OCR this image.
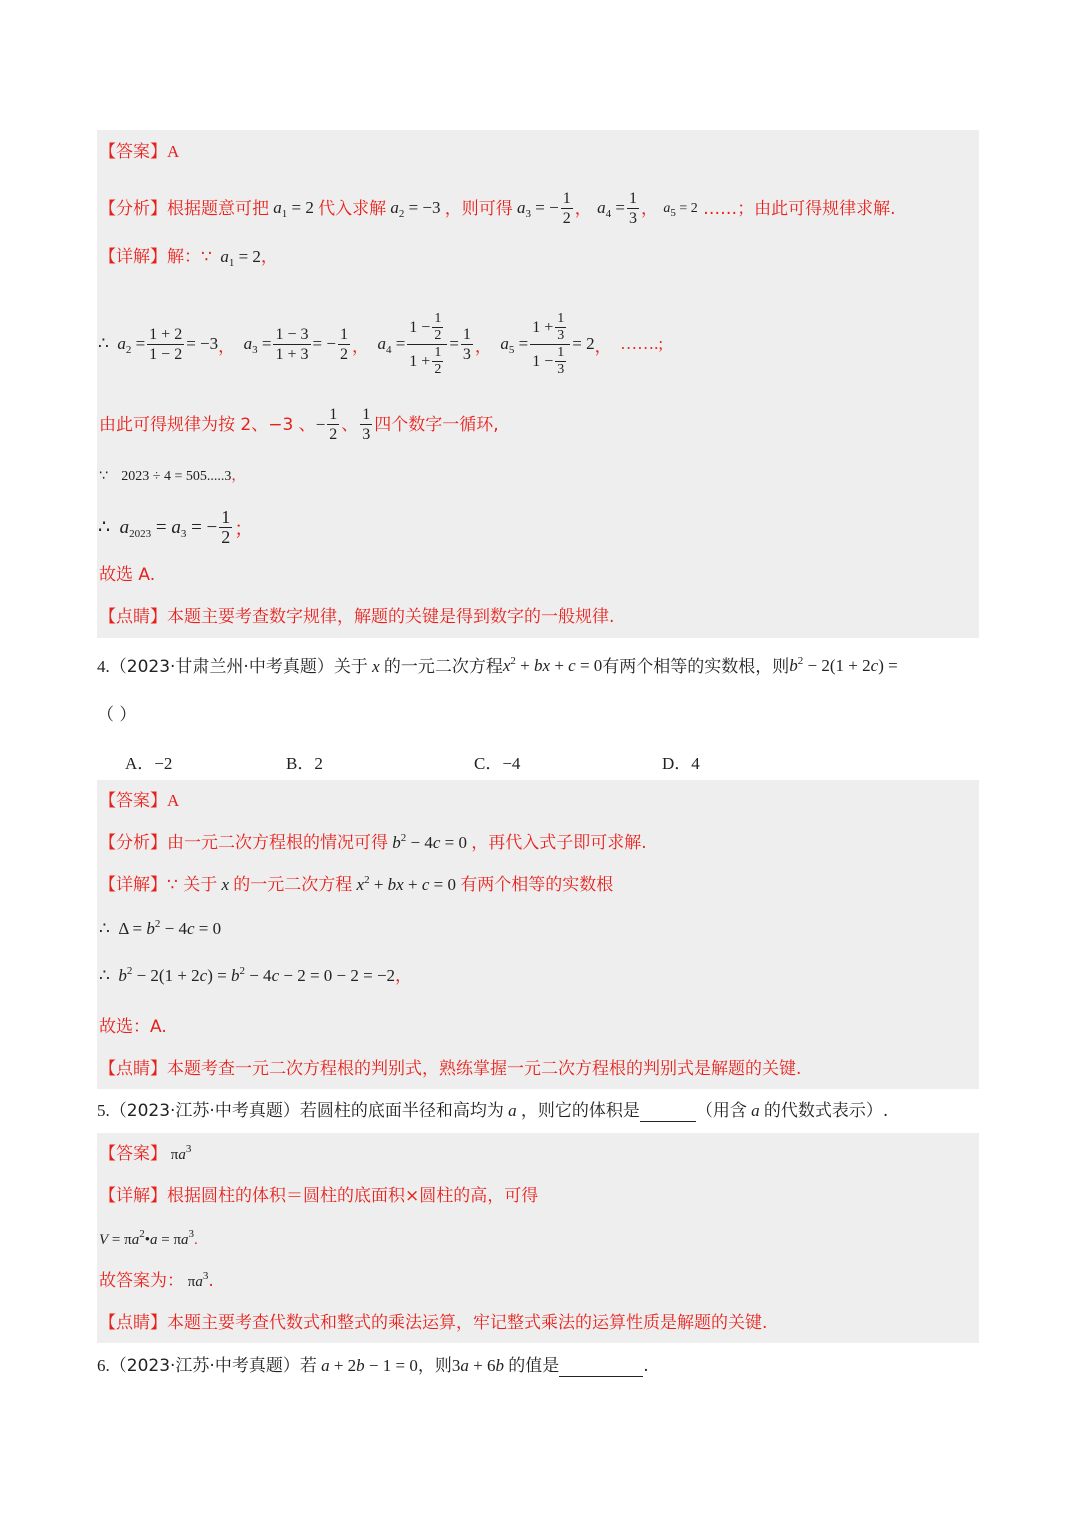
【答案】A
【分析】 根据题意可把 $a_1 = 2$ 代入求解 $a_2 = -3$ ，则可得 $a_3$ = − $\frac{1}{2}$ ， $a_4 = \frac{1}{3}$ ， $a_5 = 2$ …… ；由此可得规律求解.
【详解】解：∵ $a_1 = 2$，
∴  $a_2 = \frac{1 + 2}{1 - 2} = -3$ ， $a_3 = \frac{1 - 3}{1 + 3}$ = − $\frac{1}{2}$ ， $a_4 = \frac{1 - \frac{1}{2}}{1 + \frac{1}{2}} = \frac{1}{3}$ ， $a_5 = \frac{1 + \frac{1}{3}}{1 - \frac{1}{3}} = 2$ ， …….;
由此可得规律为按 2、−3 、 − $\frac{1}{2}$ 、 $\frac{1}{3}$ 四个数字一循环,
∵   2023 ÷ 4 = 505.....3，
∴  $a_{2023} = a_3$ = − $\frac{1}{2}$ ；
故选 A.
【点睛】本题主要考查数字规律，解题的关键是得到数字的一般规律.
4. （2023·甘肃兰州·中考真题） 关于 x 的一元二次方程 $x^2$ + bx + c = 0 有两个相等的实数根，则 $b^2 - 2(1 + 2c)$ =
（ ）
A．−2	B．2	C．−4	D．4
【答案】A
【分析】由一元二次方程根的情况可得 $b^2 - 4c = 0$ ，再代入式子即可求解.
【详解】∵ 关于 x 的一元二次方程 $x^2$ + bx + c = 0 有两个相等的实数根
∴  $\Delta = b^2 - 4c = 0$
∴  $b^2 - 2(1 + 2c) = b^2 - 4c - 2 = 0 - 2 = -2$，
故选：A.
【点睛】本题考查一元二次方程根的判别式，熟练掌握一元二次方程根的判别式是解题的关键.
5.（2023·江苏·中考真题）若圆柱的底面半径和高均为 a ，则它的体积是	（用含 a 的代数式表示）.
【答案】 $\pi a^3$
【详解】根据圆柱的体积＝圆柱的底面积×圆柱的高，可得
$V = \pi a^2•a = \pi a^3$.
故答案为： $\pi a^3$.
【点睛】本题主要考查代数式和整式的乘法运算，牢记整式乘法的运算性质是解题的关键.
6.（2023·江苏·中考真题）若 a + 2b − 1 = 0，则3a + 6b 的值是	.
